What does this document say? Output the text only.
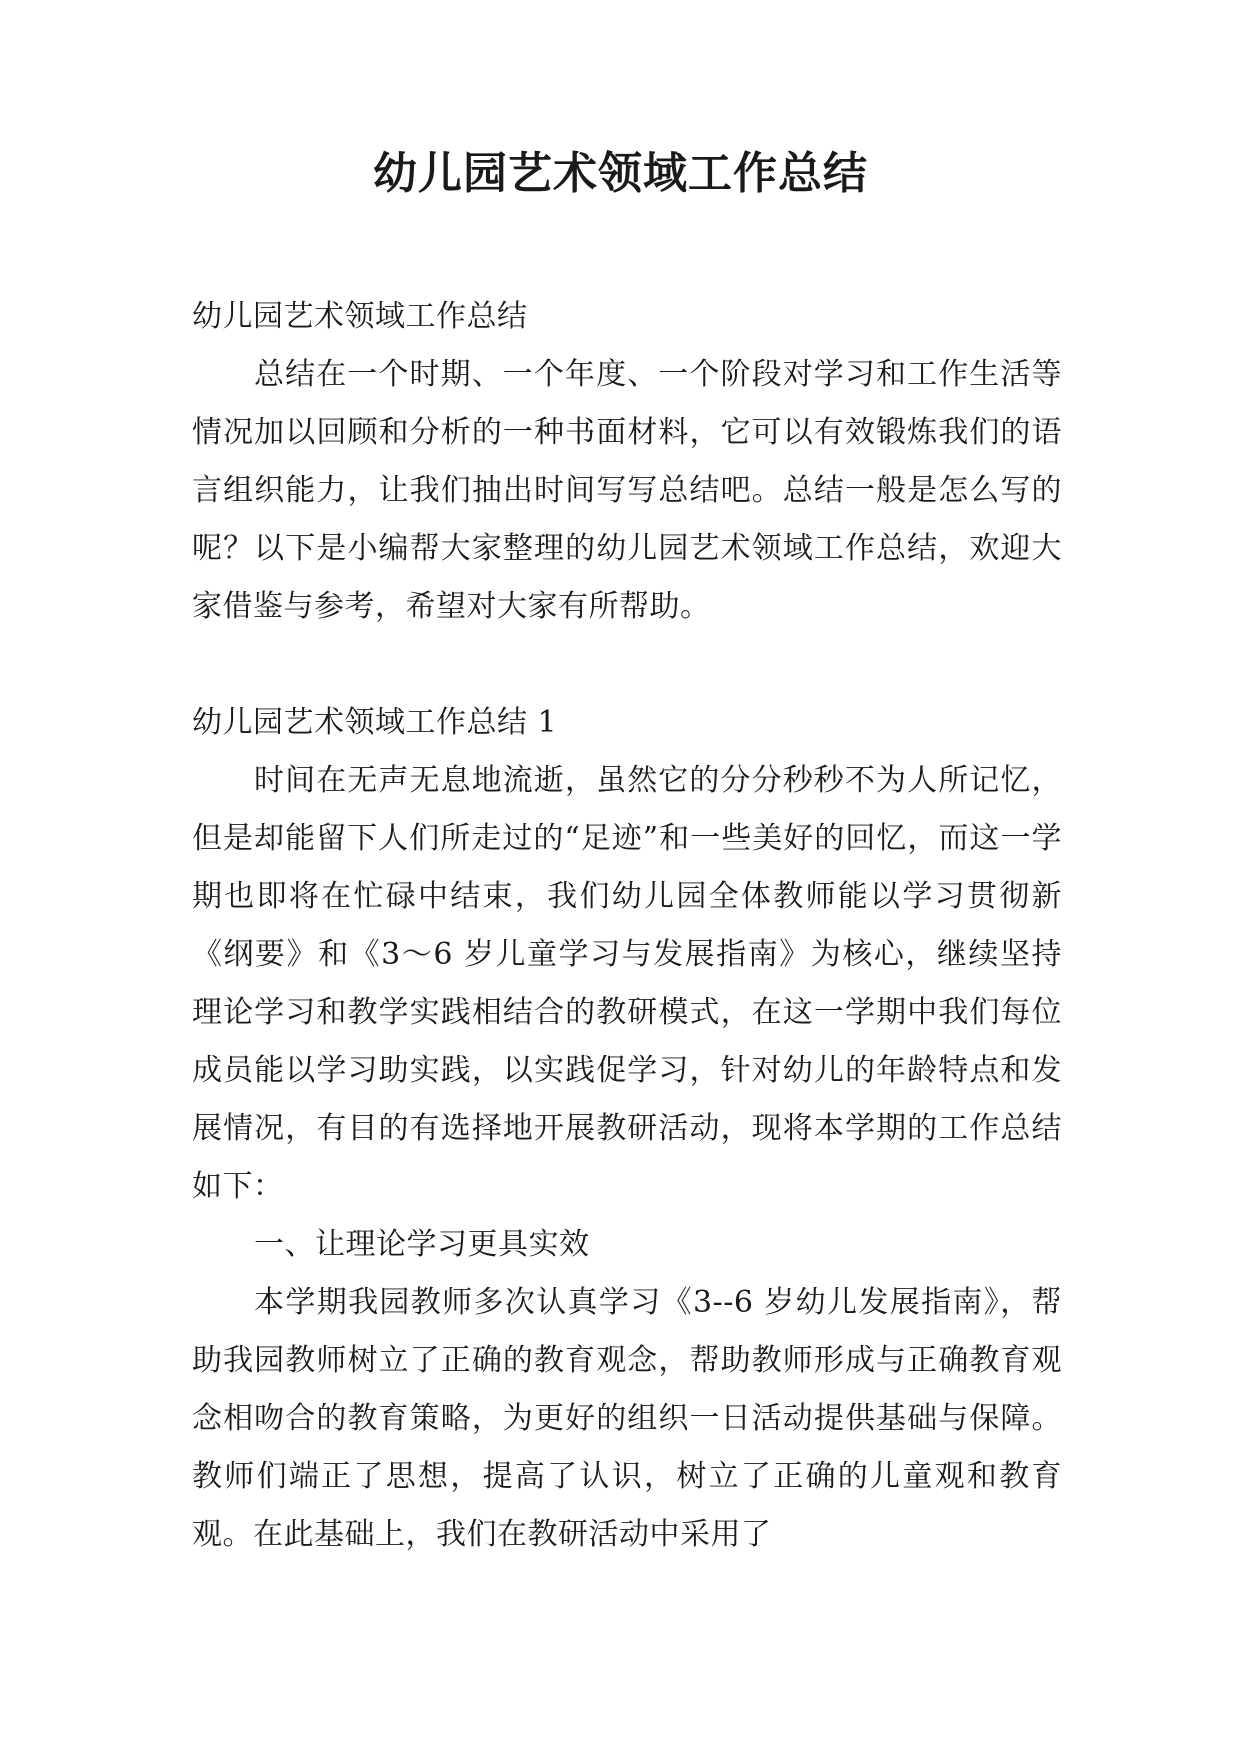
幼儿园艺术领域工作总结

幼儿园艺术领域工作总结

总结在一个时期、一个年度、一个阶段对学习和工作生活等情况加以回顾和分析的一种书面材料，它可以有效锻炼我们的语言组织能力，让我们抽出时间写写总结吧。总结一般是怎么写的呢？以下是小编帮大家整理的幼儿园艺术领域工作总结，欢迎大家借鉴与参考，希望对大家有所帮助。

幼儿园艺术领域工作总结 1

时间在无声无息地流逝，虽然它的分分秒秒不为人所记忆，但是却能留下人们所走过的“足迹”和一些美好的回忆，而这一学期也即将在忙碌中结束，我们幼儿园全体教师能以学习贯彻新《纲要》和《3～6 岁儿童学习与发展指南》为核心，继续坚持理论学习和教学实践相结合的教研模式，在这一学期中我们每位成员能以学习助实践，以实践促学习，针对幼儿的年龄特点和发展情况，有目的有选择地开展教研活动，现将本学期的工作总结如下：

一、让理论学习更具实效

本学期我园教师多次认真学习《3--6 岁幼儿发展指南》，帮助我园教师树立了正确的教育观念，帮助教师形成与正确教育观念相吻合的教育策略，为更好的组织一日活动提供基础与保障。教师们端正了思想，提高了认识，树立了正确的儿童观和教育观。在此基础上，我们在教研活动中采用了
